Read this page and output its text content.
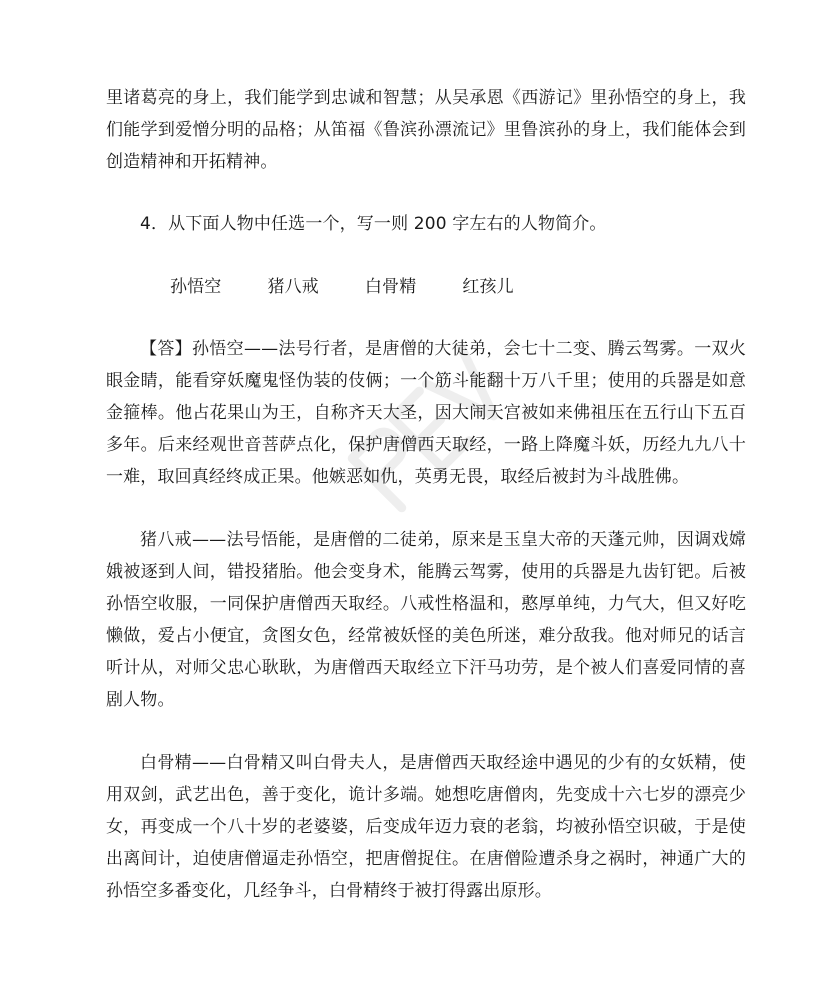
里诸葛亮的身上，我们能学到忠诚和智慧；从吴承恩《西游记》里孙悟空的身上，我们能学到爱憎分明的品格；从笛福《鲁滨孙漂流记》里鲁滨孙的身上，我们能体会到创造精神和开拓精神。

4．从下面人物中任选一个，写一则 200 字左右的人物简介。

孙悟空	猪八戒	白骨精	红孩儿

【答】孙悟空——法号行者，是唐僧的大徒弟，会七十二变、腾云驾雾。一双火眼金睛，能看穿妖魔鬼怪伪装的伎俩；一个筋斗能翻十万八千里；使用的兵器是如意金箍棒。他占花果山为王，自称齐天大圣，因大闹天宫被如来佛祖压在五行山下五百多年。后来经观世音菩萨点化，保护唐僧西天取经，一路上降魔斗妖，历经九九八十一难，取回真经终成正果。他嫉恶如仇，英勇无畏，取经后被封为斗战胜佛。

猪八戒——法号悟能，是唐僧的二徒弟，原来是玉皇大帝的天蓬元帅，因调戏嫦娥被逐到人间，错投猪胎。他会变身术，能腾云驾雾，使用的兵器是九齿钉钯。后被孙悟空收服，一同保护唐僧西天取经。八戒性格温和，憨厚单纯，力气大，但又好吃懒做，爱占小便宜，贪图女色，经常被妖怪的美色所迷，难分敌我。他对师兄的话言听计从，对师父忠心耿耿，为唐僧西天取经立下汗马功劳，是个被人们喜爱同情的喜剧人物。

白骨精——白骨精又叫白骨夫人，是唐僧西天取经途中遇见的少有的女妖精，使用双剑，武艺出色，善于变化，诡计多端。她想吃唐僧肉，先变成十六七岁的漂亮少女，再变成一个八十岁的老婆婆，后变成年迈力衰的老翁，均被孙悟空识破，于是使出离间计，迫使唐僧逼走孙悟空，把唐僧捉住。在唐僧险遭杀身之祸时，神通广大的孙悟空多番变化，几经争斗，白骨精终于被打得露出原形。
